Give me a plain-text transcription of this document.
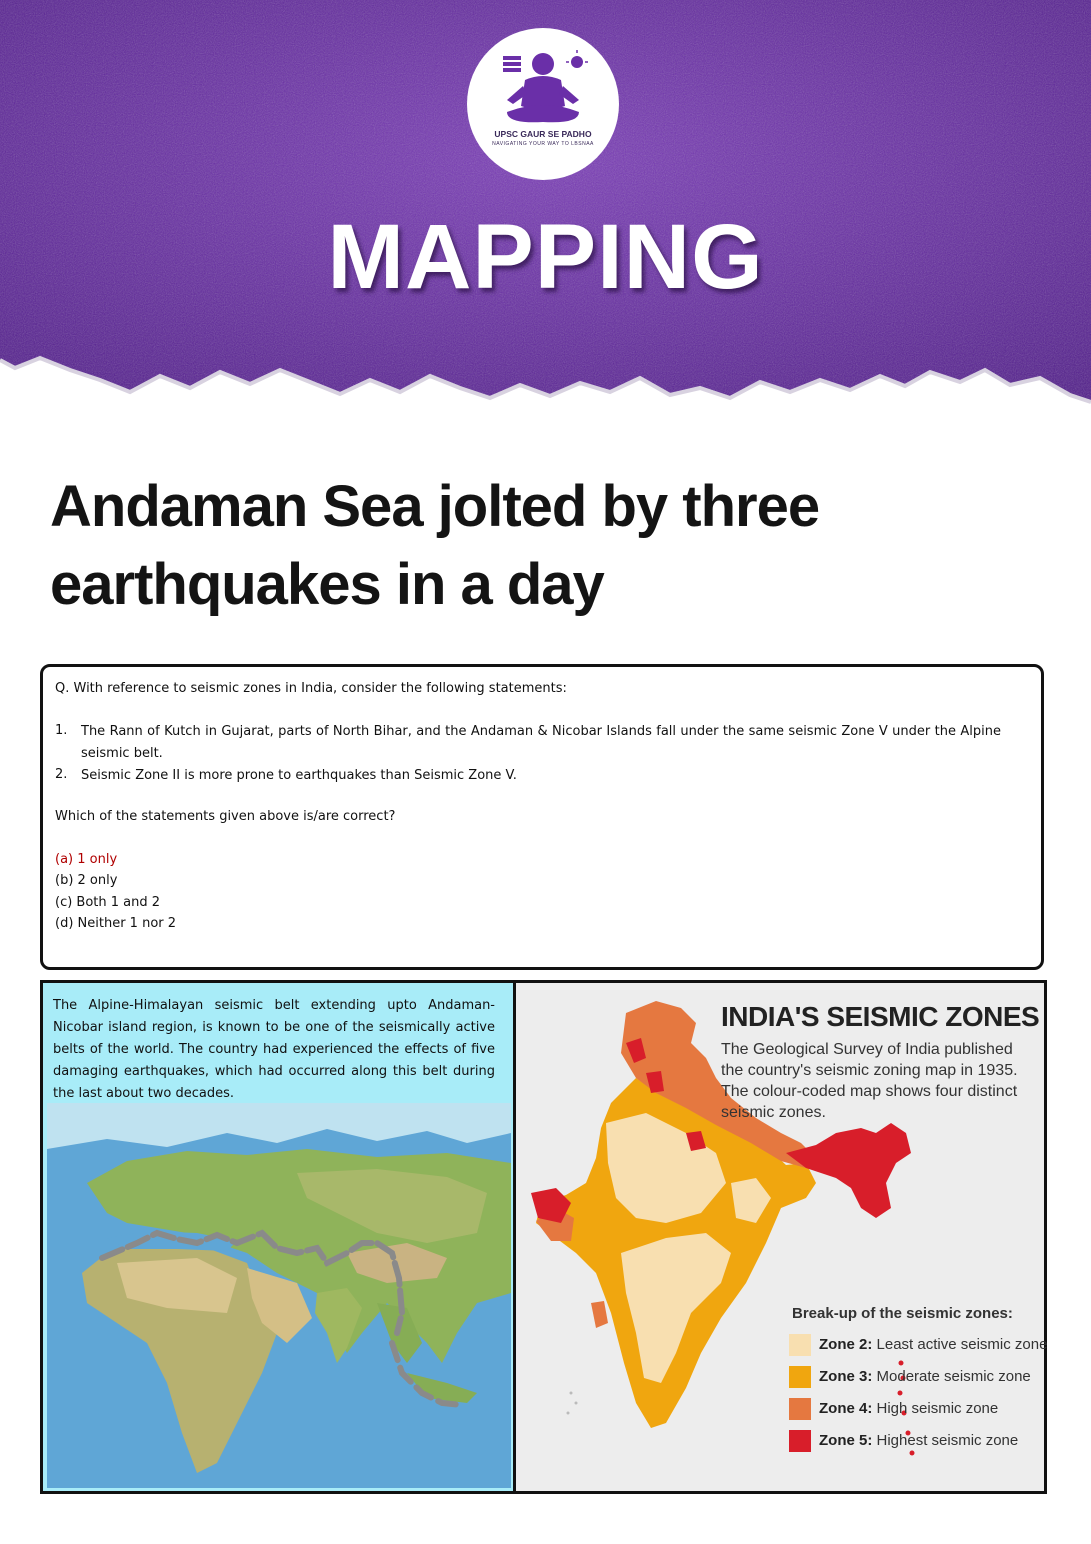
UPSC GAUR SE PADHO
NAVIGATING YOUR WAY TO LBSNAA
MAPPING
Andaman Sea jolted by three
earthquakes in a day
Q. With reference to seismic zones in India, consider the following statements:
1. The Rann of Kutch in Gujarat, parts of North Bihar, and the Andaman & Nicobar Islands fall under the same seismic Zone V under the Alpine seismic belt.
2. Seismic Zone II is more prone to earthquakes than Seismic Zone V.
Which of the statements given above is/are correct?
(a) 1 only
(b) 2 only
(c) Both 1 and 2
(d) Neither 1 nor 2
The Alpine-Himalayan seismic belt extending upto Andaman-Nicobar island region, is known to be one of the seismically active belts of the world. The country had experienced the effects of five damaging earthquakes, which had occurred along this belt during the last about two decades.
INDIA'S SEISMIC ZONES
The Geological Survey of India published the country's seismic zoning map in 1935. The colour-coded map shows four distinct seismic zones.
Break-up of the seismic zones:
Zone 2: Least active seismic zone
Zone 3: Moderate seismic zone
Zone 4: High seismic zone
Zone 5: Highest seismic zone
